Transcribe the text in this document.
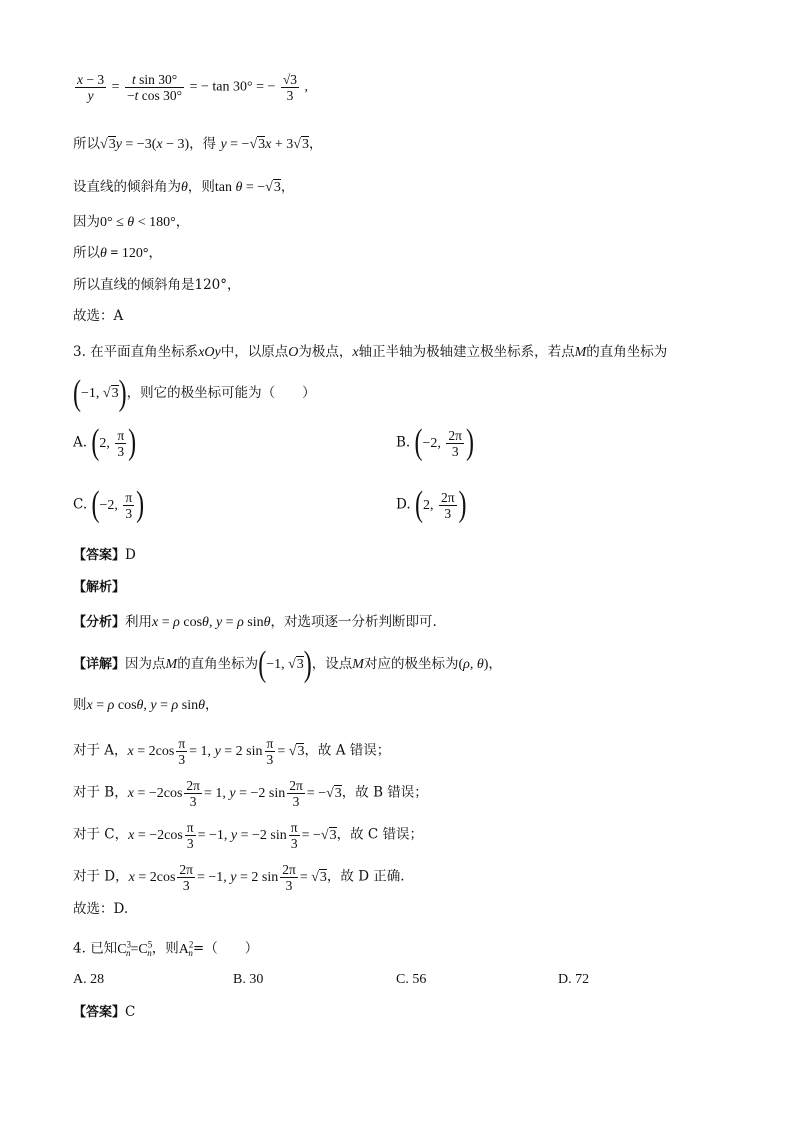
$\frac{x - 3}{y} = \frac{\text{t sin 30°}}{\text{−t cos 30°}}$ = − tan 30° = − $\frac{√3}{3}$ ,
所以√3y = −3(x − 3)，得 y = −√3x + 3√3，
设直线的倾斜角为θ，则tan θ = −√3，
因为0° ≤ θ < 180°，
所以θ = 120°，
所以直线的倾斜角是120°，
故选：A
3. 在平面直角坐标系xOy中，以原点O为极点，x轴正半轴为极轴建立极坐标系，若点M的直角坐标为
(−1, √3)，则它的极坐标可能为（　　）
A. (2, $\frac{\pi}{3}$ )	B. (−2, $\frac{2\pi}{3}$ )
C. (−2, $\frac{\pi}{3}$ )	D. (2, $\frac{2\pi}{3}$ )
【答案】D
【解析】
【分析】利用x = ρ cosθ, y = ρ sinθ，对选项逐一分析判断即可.
【详解】因为点M的直角坐标为(−1, √3)，设点M对应的极坐标为(ρ, θ)，
则x = ρ cosθ, y = ρ sinθ，
对于 A，$x = 2\cos \frac{\pi}{3} = 1$, y = 2 $\sin \frac{\pi}{3} = √3$，故 A 错误；
对于 B，$x = -2\cos \frac{2\pi}{3} = 1$, y = −2 $\sin \frac{2\pi}{3} = -√3$，故 B 错误；
对于 C，$x = -2\cos \frac{\pi}{3} = -1$, y = −2 $\sin \frac{\pi}{3} = -√3$，故 C 错误；
对于 D，$x = 2\cos \frac{2\pi}{3} = -1$, y = 2 $\sin \frac{2\pi}{3} = √3$，故 D 正确.
故选：D.
4. 已知$C^3_n=C^5_n$，则$A^2_n=$（　　）
A. 28	B. 30	C. 56	D. 72
【答案】C
